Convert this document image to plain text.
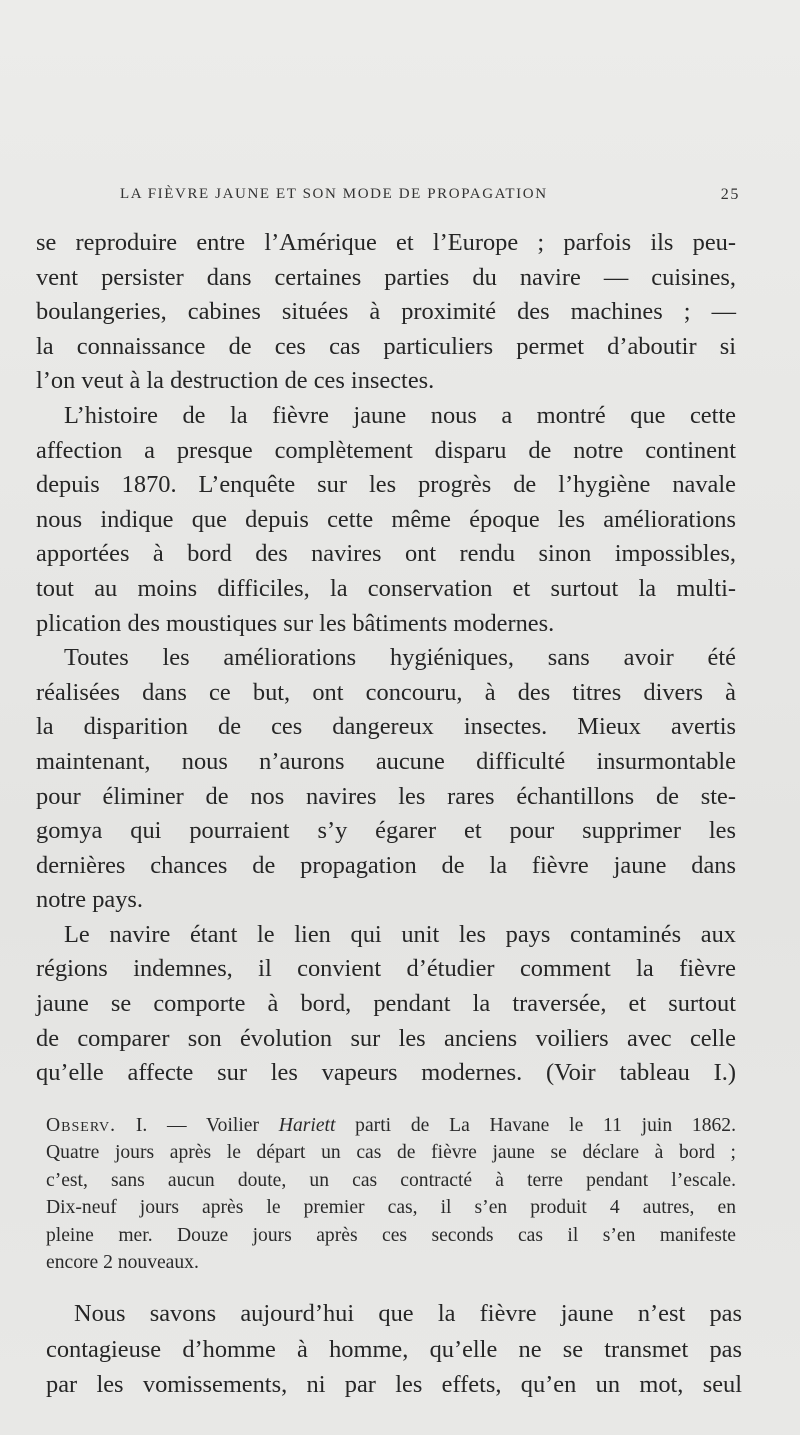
LA FIÈVRE JAUNE ET SON MODE DE PROPAGATION	25
se reproduire entre l’Amérique et l’Europe ; parfois ils peu-
vent persister dans certaines parties du navire — cuisines,
boulangeries, cabines situées à proximité des machines ; —
la connaissance de ces cas particuliers permet d’aboutir si
l’on veut à la destruction de ces insectes.
L’histoire de la fièvre jaune nous a montré que cette
affection a presque complètement disparu de notre continent
depuis 1870. L’enquête sur les progrès de l’hygiène navale
nous indique que depuis cette même époque les améliorations
apportées à bord des navires ont rendu sinon impossibles,
tout au moins difficiles, la conservation et surtout la multi-
plication des moustiques sur les bâtiments modernes.
Toutes les améliorations hygiéniques, sans avoir été
réalisées dans ce but, ont concouru, à des titres divers à
la disparition de ces dangereux insectes. Mieux avertis
maintenant, nous n’aurons aucune difficulté insurmontable
pour éliminer de nos navires les rares échantillons de ste-
gomya qui pourraient s’y égarer et pour supprimer les
dernières chances de propagation de la fièvre jaune dans
notre pays.
Le navire étant le lien qui unit les pays contaminés aux
régions indemnes, il convient d’étudier comment la fièvre
jaune se comporte à bord, pendant la traversée, et surtout
de comparer son évolution sur les anciens voiliers avec celle
qu’elle affecte sur les vapeurs modernes. (Voir tableau I.)
Observ. I. — Voilier Hariett parti de La Havane le 11 juin 1862.
Quatre jours après le départ un cas de fièvre jaune se déclare à bord ;
c’est, sans aucun doute, un cas contracté à terre pendant l’escale.
Dix-neuf jours après le premier cas, il s’en produit 4 autres, en
pleine mer. Douze jours après ces seconds cas il s’en manifeste
encore 2 nouveaux.
Nous savons aujourd’hui que la fièvre jaune n’est pas
contagieuse d’homme à homme, qu’elle ne se transmet pas
par les vomissements, ni par les effets, qu’en un mot, seul
